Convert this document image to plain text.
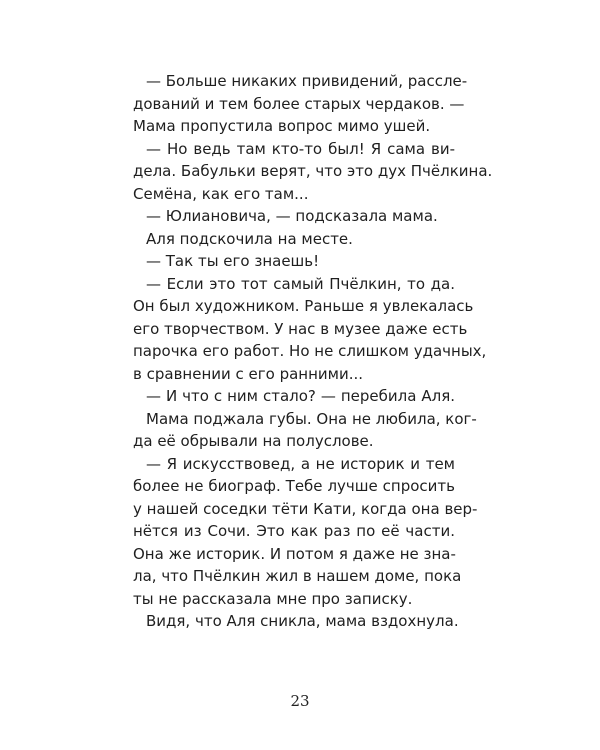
— Больше никаких привидений, рассле-
дований и тем более старых чердаков. —
Мама пропустила вопрос мимо ушей.
— Но ведь там кто-то был! Я сама ви-
дела. Бабульки верят, что это дух Пчёлкина.
Семёна, как его там...
— Юлиановича, — подсказала мама.
Аля подскочила на месте.
— Так ты его знаешь!
— Если это тот самый Пчёлкин, то да.
Он был художником. Раньше я увлекалась
его творчеством. У нас в музее даже есть
парочка его работ. Но не слишком удачных,
в сравнении с его ранними...
— И что с ним стало? — перебила Аля.
Мама поджала губы. Она не любила, ког-
да её обрывали на полуслове.
— Я искусствовед, а не историк и тем
более не биограф. Тебе лучше спросить
у нашей соседки тёти Кати, когда она вер-
нётся из Сочи. Это как раз по её части.
Она же историк. И потом я даже не зна-
ла, что Пчёлкин жил в нашем доме, пока
ты не рассказала мне про записку.
Видя, что Аля сникла, мама вздохнула.
23
